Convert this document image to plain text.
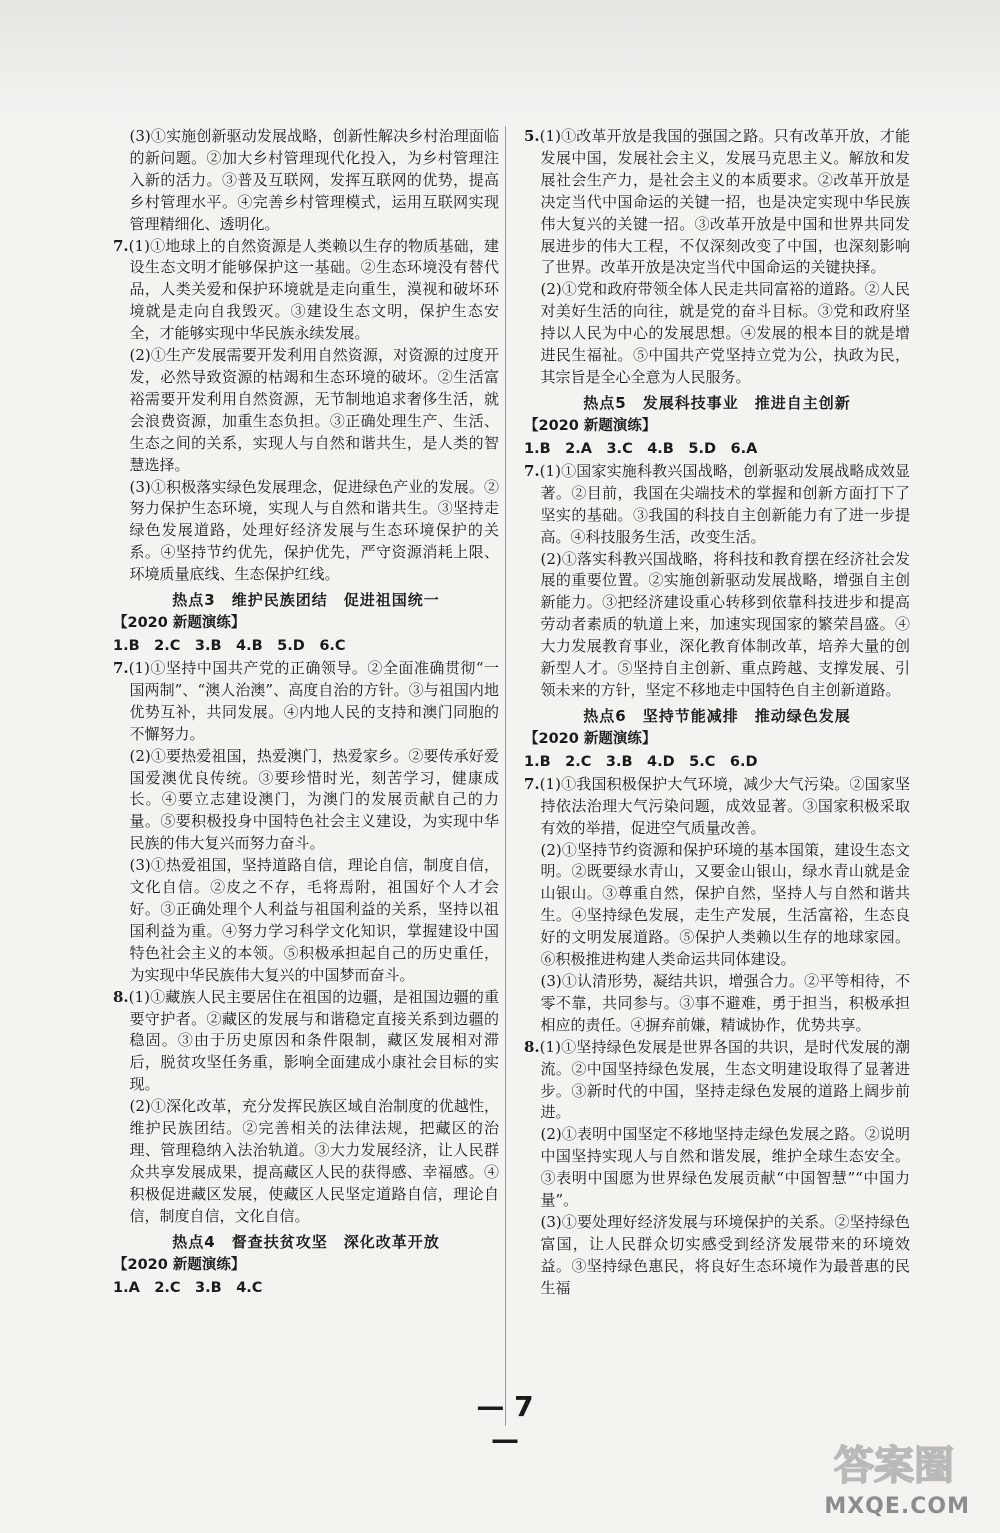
(3)①实施创新驱动发展战略，创新性解决乡村治理面临的新问题。②加大乡村管理现代化投入，为乡村管理注入新的活力。③普及互联网，发挥互联网的优势，提高乡村管理水平。④完善乡村管理模式，运用互联网实现管理精细化、透明化。

7.(1)①地球上的自然资源是人类赖以生存的物质基础，建设生态文明才能够保护这一基础。②生态环境没有替代品，人类关爱和保护环境就是走向重生，漠视和破坏环境就是走向自我毁灭。③建设生态文明，保护生态安全，才能够实现中华民族永续发展。

(2)①生产发展需要开发利用自然资源，对资源的过度开发，必然导致资源的枯竭和生态环境的破坏。②生活富裕需要开发利用自然资源，无节制地追求奢侈生活，就会浪费资源，加重生态负担。③正确处理生产、生活、生态之间的关系，实现人与自然和谐共生，是人类的智慧选择。

(3)①积极落实绿色发展理念，促进绿色产业的发展。②努力保护生态环境，实现人与自然和谐共生。③坚持走绿色发展道路，处理好经济发展与生态环境保护的关系。④坚持节约优先，保护优先，严守资源消耗上限、环境质量底线、生态保护红线。

热点3　维护民族团结　促进祖国统一

【2020 新题演练】

1.B　2.C　3.B　4.B　5.D　6.C

7.(1)①坚持中国共产党的正确领导。②全面准确贯彻“一国两制”、“澳人治澳”、高度自治的方针。③与祖国内地优势互补，共同发展。④内地人民的支持和澳门同胞的不懈努力。

(2)①要热爱祖国，热爱澳门，热爱家乡。②要传承好爱国爱澳优良传统。③要珍惜时光，刻苦学习，健康成长。④要立志建设澳门，为澳门的发展贡献自己的力量。⑤要积极投身中国特色社会主义建设，为实现中华民族的伟大复兴而努力奋斗。

(3)①热爱祖国，坚持道路自信，理论自信，制度自信，文化自信。②皮之不存，毛将焉附，祖国好个人才会好。③正确处理个人利益与祖国利益的关系，坚持以祖国利益为重。④努力学习科学文化知识，掌握建设中国特色社会主义的本领。⑤积极承担起自己的历史重任，为实现中华民族伟大复兴的中国梦而奋斗。

8.(1)①藏族人民主要居住在祖国的边疆，是祖国边疆的重要守护者。②藏区的发展与和谐稳定直接关系到边疆的稳固。③由于历史原因和条件限制，藏区发展相对滞后，脱贫攻坚任务重，影响全面建成小康社会目标的实现。

(2)①深化改革，充分发挥民族区域自治制度的优越性，维护民族团结。②完善相关的法律法规，把藏区的治理、管理稳纳入法治轨道。③大力发展经济，让人民群众共享发展成果，提高藏区人民的获得感、幸福感。④积极促进藏区发展，使藏区人民坚定道路自信，理论自信，制度自信，文化自信。

热点4　督查扶贫攻坚　深化改革开放

【2020 新题演练】

1.A　2.C　3.B　4.C

5.(1)①改革开放是我国的强国之路。只有改革开放，才能发展中国，发展社会主义，发展马克思主义。解放和发展社会生产力，是社会主义的本质要求。②改革开放是决定当代中国命运的关键一招，也是决定实现中华民族伟大复兴的关键一招。③改革开放是中国和世界共同发展进步的伟大工程，不仅深刻改变了中国，也深刻影响了世界。改革开放是决定当代中国命运的关键抉择。

(2)①党和政府带领全体人民走共同富裕的道路。②人民对美好生活的向往，就是党的奋斗目标。③党和政府坚持以人民为中心的发展思想。④发展的根本目的就是增进民生福祉。⑤中国共产党坚持立党为公，执政为民，其宗旨是全心全意为人民服务。

热点5　发展科技事业　推进自主创新

【2020 新题演练】

1.B　2.A　3.C　4.B　5.D　6.A

7.(1)①国家实施科教兴国战略，创新驱动发展战略成效显著。②目前，我国在尖端技术的掌握和创新方面打下了坚实的基础。③我国的科技自主创新能力有了进一步提高。④科技服务生活，改变生活。

(2)①落实科教兴国战略，将科技和教育摆在经济社会发展的重要位置。②实施创新驱动发展战略，增强自主创新能力。③把经济建设重心转移到依靠科技进步和提高劳动者素质的轨道上来，加速实现国家的繁荣昌盛。④大力发展教育事业，深化教育体制改革，培养大量的创新型人才。⑤坚持自主创新、重点跨越、支撑发展、引领未来的方针，坚定不移地走中国特色自主创新道路。

热点6　坚持节能减排　推动绿色发展

【2020 新题演练】

1.B　2.C　3.B　4.D　5.C　6.D

7.(1)①我国积极保护大气环境，减少大气污染。②国家坚持依法治理大气污染问题，成效显著。③国家积极采取有效的举措，促进空气质量改善。

(2)①坚持节约资源和保护环境的基本国策，建设生态文明。②既要绿水青山，又要金山银山，绿水青山就是金山银山。③尊重自然，保护自然，坚持人与自然和谐共生。④坚持绿色发展，走生产发展，生活富裕，生态良好的文明发展道路。⑤保护人类赖以生存的地球家园。⑥积极推进构建人类命运共同体建设。

(3)①认清形势，凝结共识，增强合力。②平等相待，不零不靠，共同参与。③事不避难，勇于担当，积极承担相应的责任。④摒弃前嫌，精诚协作，优势共享。

8.(1)①坚持绿色发展是世界各国的共识，是时代发展的潮流。②中国坚持绿色发展，生态文明建设取得了显著进步。③新时代的中国，坚持走绿色发展的道路上阔步前进。

(2)①表明中国坚定不移地坚持走绿色发展之路。②说明中国坚持实现人与自然和谐发展，维护全球生态安全。③表明中国愿为世界绿色发展贡献“中国智慧”“中国力量”。

(3)①要处理好经济发展与环境保护的关系。②坚持绿色富国，让人民群众切实感受到经济发展带来的环境效益。③坚持绿色惠民，将良好生态环境作为最普惠的民生福

— 7 —
答案圈
MXQE.COM
